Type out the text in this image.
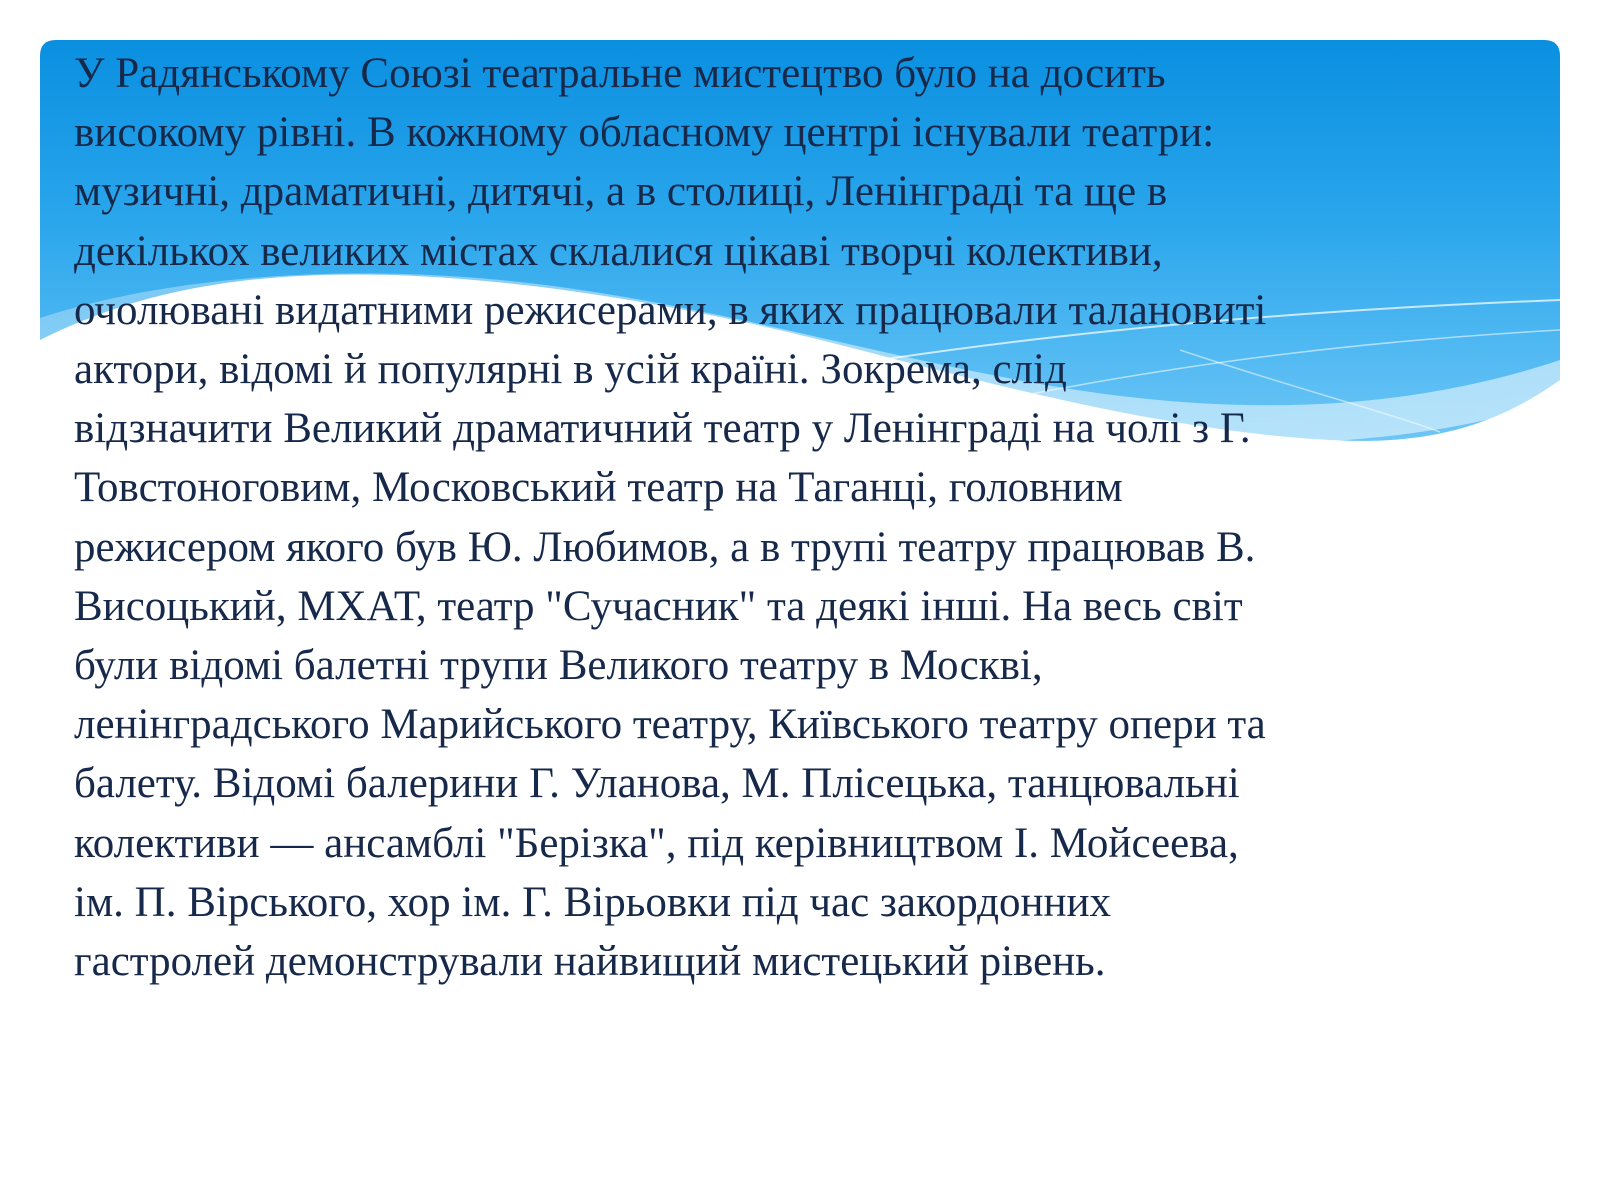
У Радянському Союзі театральне мистецтво було на досить
високому рівні. В кожному обласному центрі існували театри:
музичні, драматичні, дитячі, а в столиці, Ленінграді та ще в
декількох великих містах склалися цікаві творчі колективи,
очолювані видатними режисерами, в яких працювали талановиті
актори, відомі й популярні в усій країні. Зокрема, слід
відзначити Великий драматичний театр у Ленінграді на чолі з Г.
Товстоноговим, Московський театр на Таганці, головним
режисером якого був Ю. Любимов, а в трупі театру працював В.
Висоцький, МХАТ, театр "Сучасник" та деякі інші. На весь світ
були відомі балетні трупи Великого театру в Москві,
ленінградського Марийського театру, Київського театру опери та
балету. Відомі балерини Г. Уланова, М. Плісецька, танцювальні
колективи — ансамблі "Берізка", під керівництвом І. Мойсеева,
ім. П. Вірського, хор ім. Г. Вірьовки під час закордонних
гастролей демонстрували найвищий мистецький рівень.
